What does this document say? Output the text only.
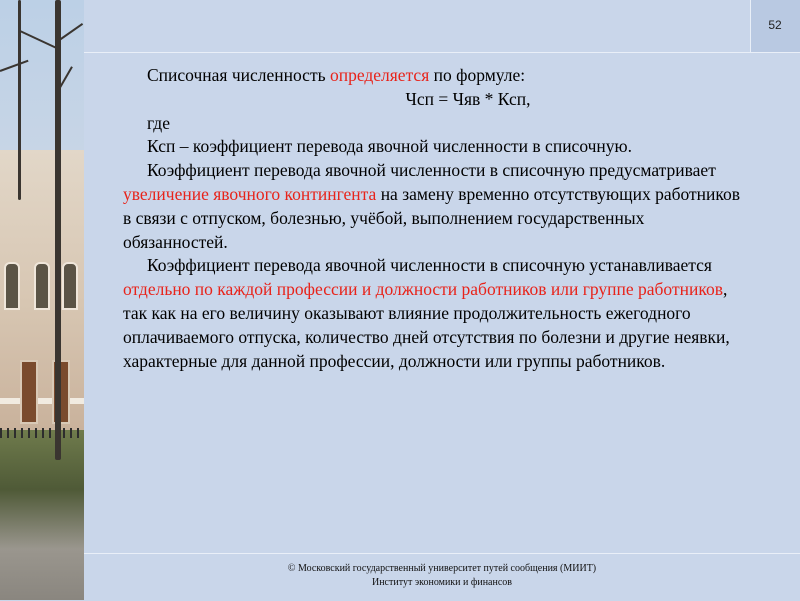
52

Списочная численность определяется по формуле:

Чсп = Чяв * Ксп,

где

Ксп – коэффициент перевода явочной численности в списочную.

Коэффициент перевода явочной численности в списочную предусматривает увеличение явочного контингента на замену временно отсутствующих работников в связи с отпуском, болезнью, учёбой, выполнением государственных обязанностей.

Коэффициент перевода явочной численности в списочную устанавливается отдельно по каждой профессии и должности работников или группе работников, так как на его величину оказывают влияние продолжительность ежегодного оплачиваемого отпуска, количество дней отсутствия по болезни и другие неявки, характерные для данной профессии, должности или группы работников.

© Московский государственный университет путей сообщения (МИИТ)
Институт экономики и финансов
